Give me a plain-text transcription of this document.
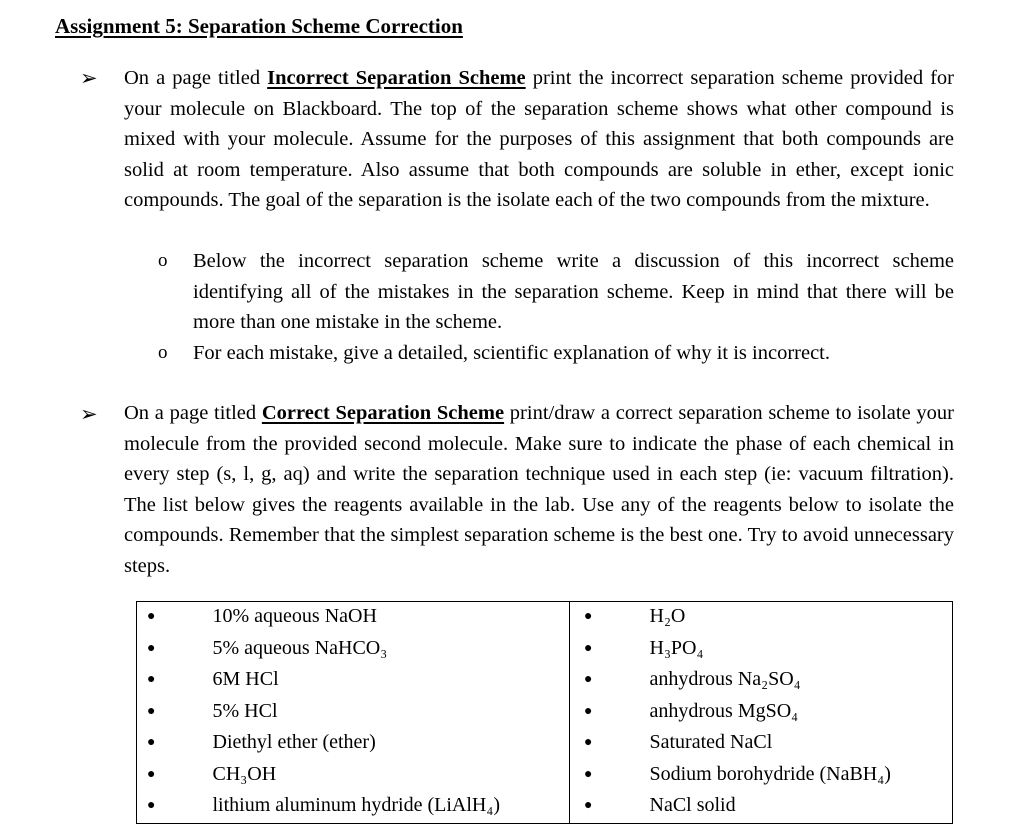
Assignment 5: Separation Scheme Correction
➢ On a page titled Incorrect Separation Scheme print the incorrect separation scheme provided for your molecule on Blackboard. The top of the separation scheme shows what other compound is mixed with your molecule. Assume for the purposes of this assignment that both compounds are solid at room temperature. Also assume that both compounds are soluble in ether, except ionic compounds. The goal of the separation is the isolate each of the two compounds from the mixture.
o Below the incorrect separation scheme write a discussion of this incorrect scheme identifying all of the mistakes in the separation scheme. Keep in mind that there will be more than one mistake in the scheme.
o For each mistake, give a detailed, scientific explanation of why it is incorrect.
➢ On a page titled Correct Separation Scheme print/draw a correct separation scheme to isolate your molecule from the provided second molecule. Make sure to indicate the phase of each chemical in every step (s, l, g, aq) and write the separation technique used in each step (ie: vacuum filtration). The list below gives the reagents available in the lab. Use any of the reagents below to isolate the compounds. Remember that the simplest separation scheme is the best one. Try to avoid unnecessary steps.
●	10% aqueous NaOH	●	H₂O
●	5% aqueous NaHCO₃	●	H₃PO₄
●	6M HCl	●	anhydrous Na₂SO₄
●	5% HCl	●	anhydrous MgSO₄
●	Diethyl ether (ether)	●	Saturated NaCl
●	CH₃OH	●	Sodium borohydride (NaBH₄)
●	lithium aluminum hydride (LiAlH₄)	●	NaCl solid
